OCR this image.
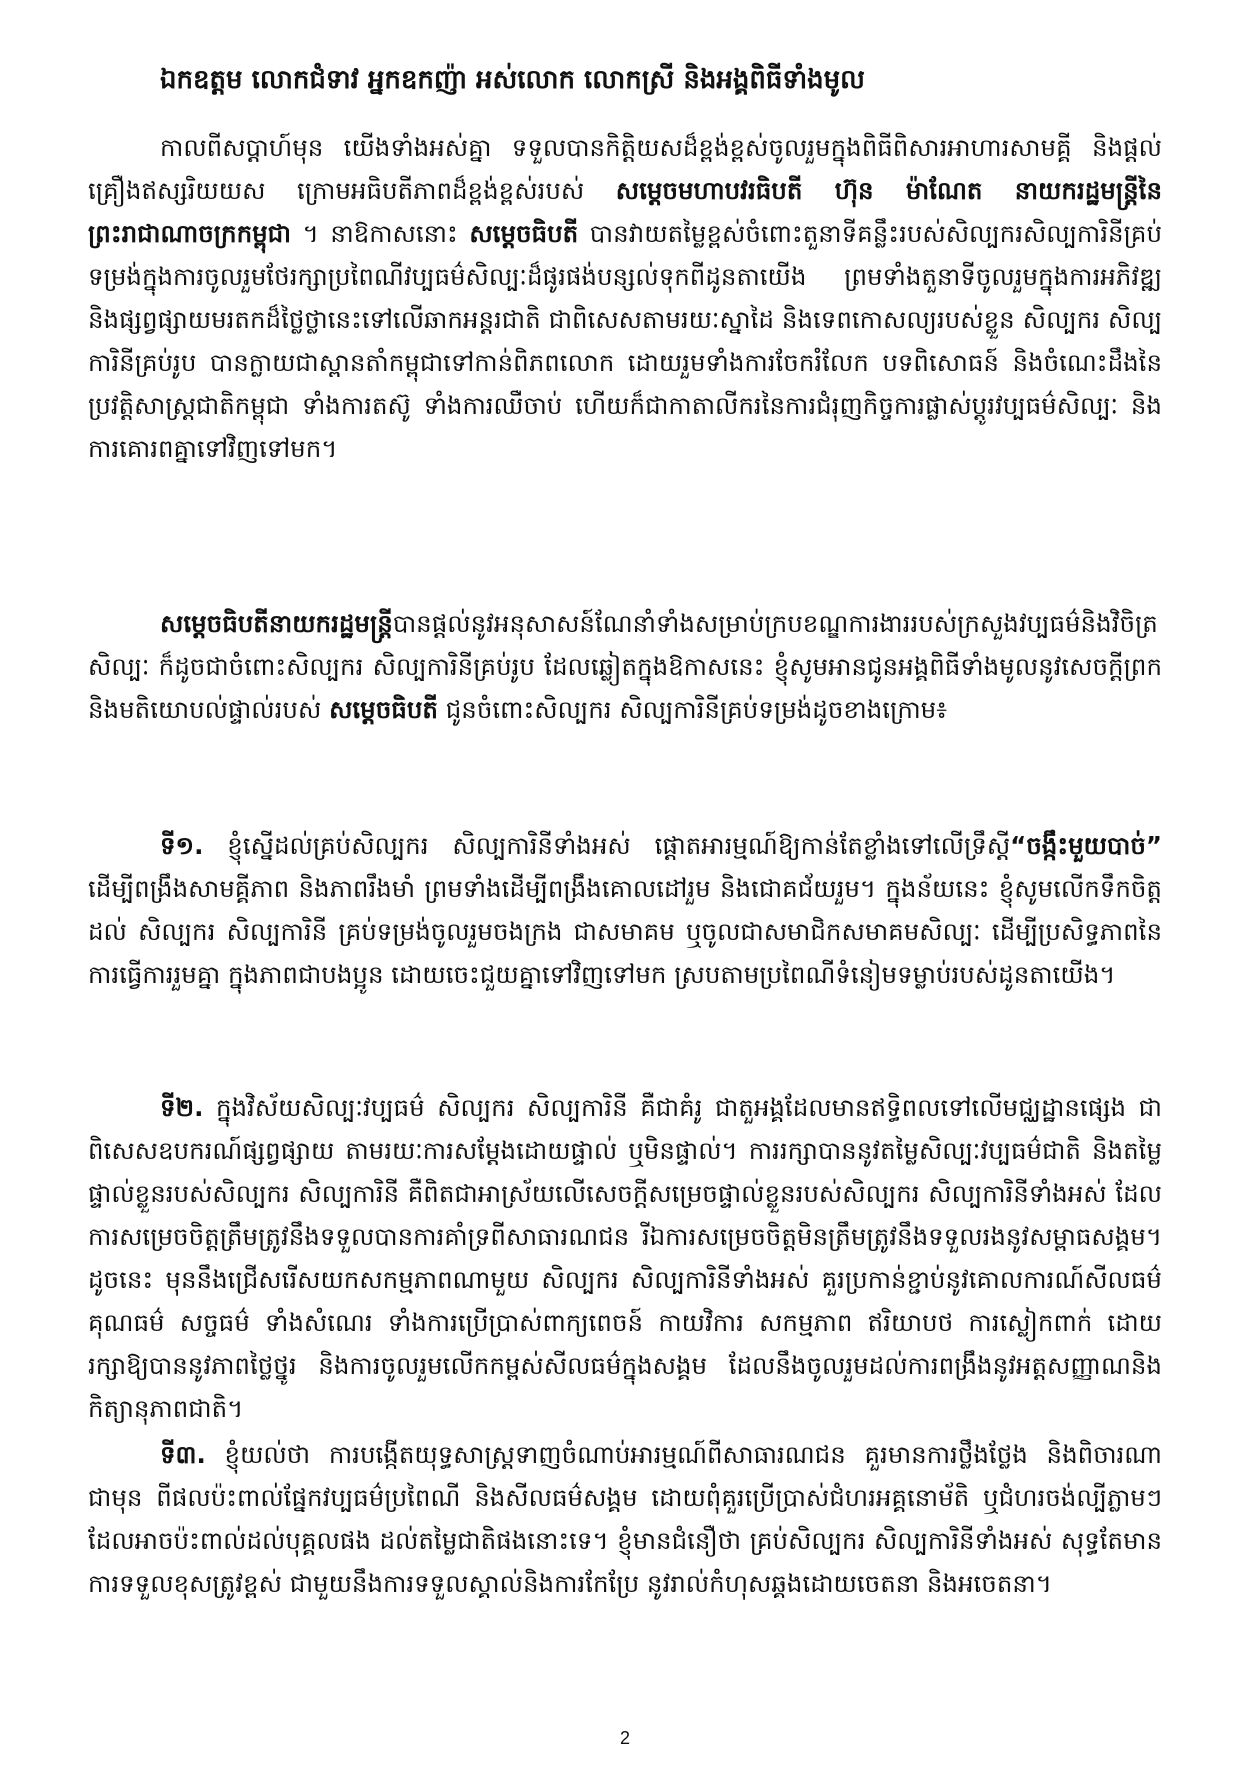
ឯកឧត្តម លោកជំទាវ អ្នកឧកញ៉ា អស់លោក លោកស្រី និងអង្គពិធីទាំងមូល

កាលពីសប្តាហ៍មុន យើងទាំងអស់គ្នា ទទួលបានកិត្តិយសដ៏ខ្ពង់ខ្ពស់ចូលរួមក្នុងពិធីពិសារអាហារសាមគ្គី និងផ្តល់គ្រឿងឥស្សរិយយស ក្រោមអធិបតីភាពដ៏ខ្ពង់ខ្ពស់របស់ សម្តេចមហាបវរធិបតី ហ៊ុន ម៉ាណែត នាយករដ្ឋមន្ត្រីនៃព្រះរាជាណាចក្រកម្ពុជា ។ នាឱកាសនោះ សម្តេចធិបតី បានវាយតម្លៃខ្ពស់ចំពោះតួនាទីគន្លឹះរបស់សិល្បករសិល្បការិនីគ្រប់ទម្រង់ក្នុងការចូលរួមថែរក្សាប្រពៃណីវប្បធម៌សិល្បៈដ៏ផូរផង់បន្សល់ទុកពីដូនតាយើង ព្រមទាំងតួនាទីចូលរួមក្នុងការអភិវឌ្ឍ និងផ្សព្វផ្សាយមរតកដ៏ថ្លៃថ្លានេះទៅលើឆាកអន្តរជាតិ ជាពិសេសតាមរយៈស្នាដៃ និងទេពកោសល្យរបស់ខ្លួន សិល្បករ សិល្បការិនីគ្រប់រូប បានក្លាយជាស្ពានតាំកម្ពុជាទៅកាន់ពិភពលោក ដោយរួមទាំងការចែករំលែក បទពិសោធន៍ និងចំណេះដឹងនៃប្រវត្តិសាស្ត្រជាតិកម្ពុជា ទាំងការតស៊ូ ទាំងការឈឺចាប់ ហើយក៏ជាកាតាលីករនៃការជំរុញកិច្ចការផ្លាស់ប្តូរវប្បធម៌សិល្បៈ និងការគោរពគ្នាទៅវិញទៅមក។

សម្តេចធិបតីនាយករដ្ឋមន្ត្រីបានផ្តល់នូវអនុសាសន៍ណែនាំទាំងសម្រាប់ក្របខណ្ឌការងាររបស់ក្រសួងវប្បធម៌និងវិចិត្រសិល្បៈ ក៏ដូចជាចំពោះសិល្បករ សិល្បការិនីគ្រប់រូប ដែលឆ្លៀតក្នុងឱកាសនេះ ខ្ញុំសូមអានជូនអង្គពិធីទាំងមូលនូវសេចក្តីព្រក និងមតិយោបល់ផ្ទាល់របស់ សម្តេចធិបតី ជូនចំពោះសិល្បករ សិល្បការិនីគ្រប់ទម្រង់ដូចខាងក្រោម៖

ទី១. ខ្ញុំស្នើដល់គ្រប់សិល្បករ សិល្បការិនីទាំងអស់ ផ្តោតអារម្មណ៍ឱ្យកាន់តែខ្លាំងទៅលើទ្រឹស្តី“ចង្កឹះមួយបាច់” ដើម្បីពង្រឹងសាមគ្គីភាព និងភាពរឹងមាំ ព្រមទាំងដើម្បីពង្រឹងគោលដៅរួម និងជោគជ័យរួម។ ក្នុងន័យនេះ ខ្ញុំសូមលើកទឹកចិត្តដល់ សិល្បករ សិល្បការិនី គ្រប់ទម្រង់ចូលរួមចងក្រង ជាសមាគម ឬចូលជាសមាជិកសមាគមសិល្បៈ ដើម្បីប្រសិទ្ធភាពនៃការធ្វើការរួមគ្នា ក្នុងភាពជាបងប្អូន ដោយចេះជួយគ្នាទៅវិញទៅមក ស្របតាមប្រពៃណីទំនៀមទម្លាប់របស់ដូនតាយើង។

ទី២. ក្នុងវិស័យសិល្បៈវប្បធម៌ សិល្បករ សិល្បការិនី គឺជាគំរូ ជាតួអង្គដែលមានឥទ្ធិពលទៅលើមជ្ឈដ្ឋានផ្សេង ជាពិសេសឧបករណ៍ផ្សព្វផ្សាយ តាមរយៈការសម្តែងដោយផ្ទាល់ ឬមិនផ្ទាល់។ ការរក្សាបាននូវតម្លៃសិល្បៈវប្បធម៌ជាតិ និងតម្លៃផ្ទាល់ខ្លួនរបស់សិល្បករ សិល្បការិនី គឺពិតជាអាស្រ័យលើសេចក្តីសម្រេចផ្ទាល់ខ្លួនរបស់សិល្បករ សិល្បការិនីទាំងអស់ ដែលការសម្រេចចិត្តត្រឹមត្រូវនឹងទទួលបានការគាំទ្រពីសាធារណជន រីឯការសម្រេចចិត្តមិនត្រឹមត្រូវនឹងទទួលរងនូវសម្ពាធសង្គម។ ដូចនេះ មុននឹងជ្រើសរើសយកសកម្មភាពណាមួយ សិល្បករ សិល្បការិនីទាំងអស់ គួរប្រកាន់ខ្ជាប់នូវគោលការណ៍សីលធម៌ គុណធម៌ សច្ចធម៌ ទាំងសំណេរ ទាំងការប្រើប្រាស់ពាក្យពេចន៍ កាយវិការ សកម្មភាព ឥរិយាបថ ការស្លៀកពាក់ ដោយរក្សាឱ្យបាននូវភាពថ្លៃថ្នូរ និងការចូលរួមលើកកម្ពស់សីលធម៌ក្នុងសង្គម ដែលនឹងចូលរួមដល់ការពង្រឹងនូវអត្តសញ្ញាណនិងកិត្យានុភាពជាតិ។

ទី៣. ខ្ញុំយល់ថា ការបង្កើតយុទ្ធសាស្ត្រទាញចំណាប់អារម្មណ៍ពីសាធារណជន គួរមានការថ្លឹងថ្លែង និងពិចារណាជាមុន ពីផលប៉ះពាល់ផ្នែកវប្បធម៌ប្រពៃណី និងសីលធម៌សង្គម ដោយពុំគួរប្រើប្រាស់ជំហរអគ្គនោម័តិ ឬជំហរចង់ល្បីភ្លាមៗ ដែលអាចប៉ះពាល់ដល់បុគ្គលផង ដល់តម្លៃជាតិផងនោះទេ។ ខ្ញុំមានជំនឿថា គ្រប់សិល្បករ សិល្បការិនីទាំងអស់ សុទ្ធតែមានការទទួលខុសត្រូវខ្ពស់ ជាមួយនឹងការទទួលស្គាល់និងការកែប្រែ នូវរាល់កំហុសឆ្គងដោយចេតនា និងអចេតនា។

2
